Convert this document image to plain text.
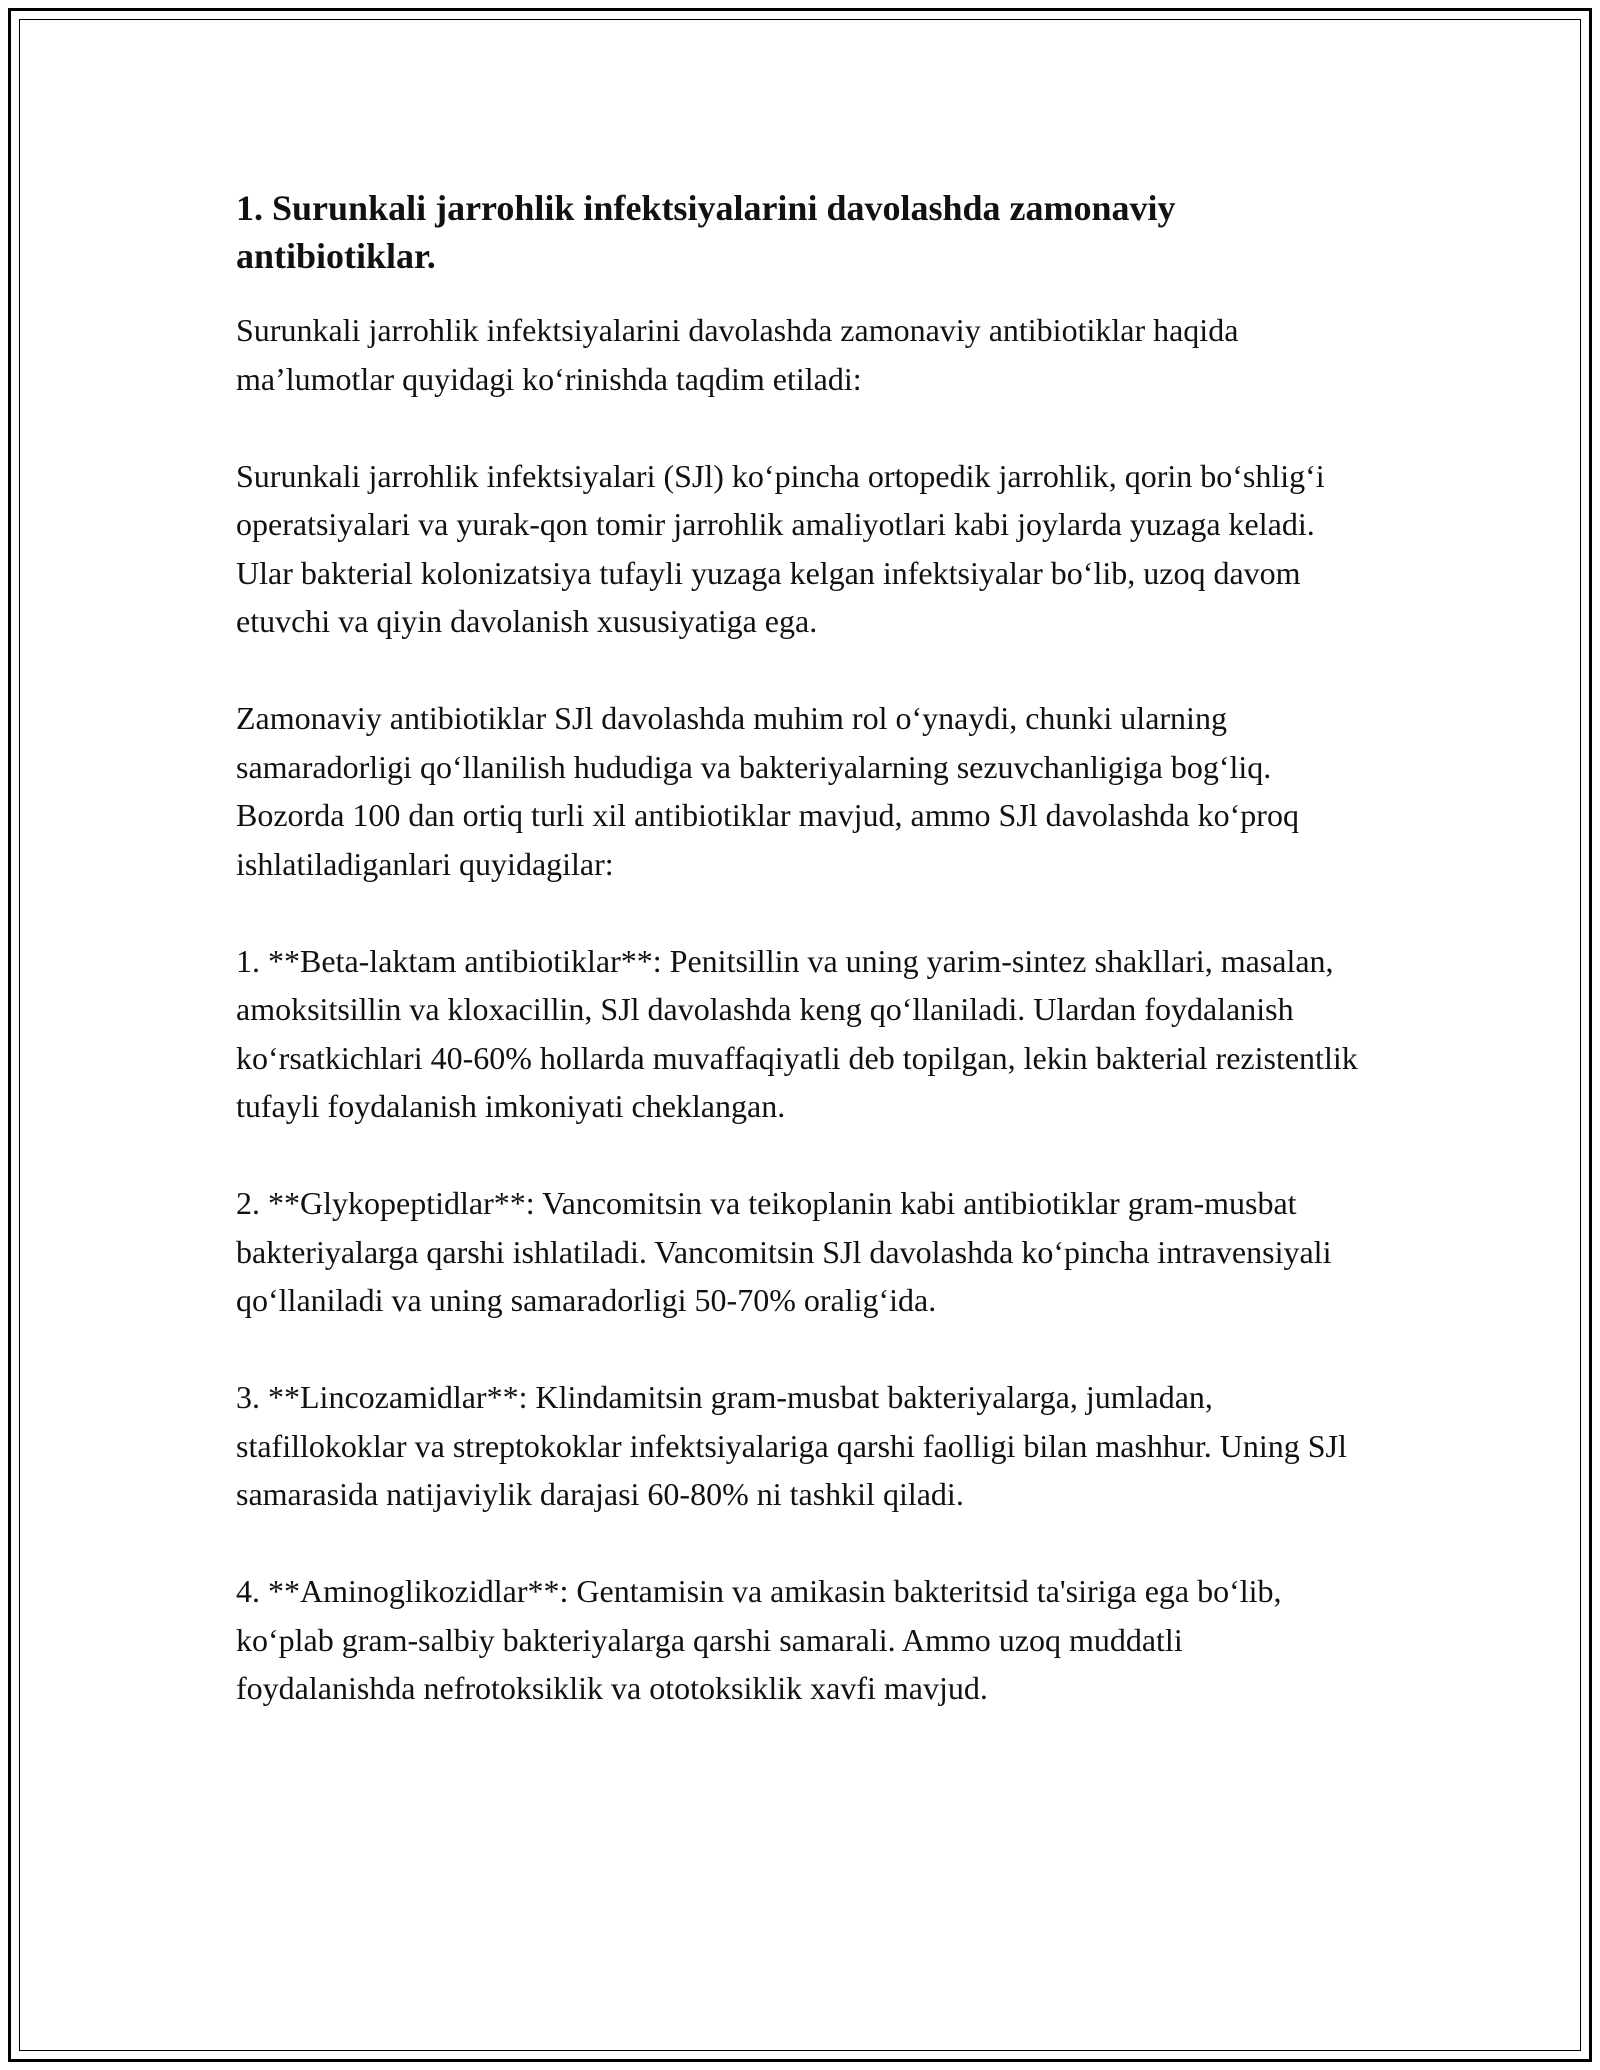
1. Surunkali jarrohlik infektsiyalarini davolashda zamonaviy antibiotiklar.

Surunkali jarrohlik infektsiyalarini davolashda zamonaviy antibiotiklar haqida ma’lumotlar quyidagi ko‘rinishda taqdim etiladi:

Surunkali jarrohlik infektsiyalari (SJl) ko‘pincha ortopedik jarrohlik, qorin bo‘shlig‘i operatsiyalari va yurak-qon tomir jarrohlik amaliyotlari kabi joylarda yuzaga keladi. Ular bakterial kolonizatsiya tufayli yuzaga kelgan infektsiyalar bo‘lib, uzoq davom etuvchi va qiyin davolanish xususiyatiga ega.

Zamonaviy antibiotiklar SJl davolashda muhim rol o‘ynaydi, chunki ularning samaradorligi qo‘llanilish hududiga va bakteriyalarning sezuvchanligiga bog‘liq. Bozorda 100 dan ortiq turli xil antibiotiklar mavjud, ammo SJl davolashda ko‘proq ishlatiladiganlari quyidagilar:

1. **Beta-laktam antibiotiklar**: Penitsillin va uning yarim-sintez shakllari, masalan, amoksitsillin va kloxacillin, SJl davolashda keng qo‘llaniladi. Ulardan foydalanish ko‘rsatkichlari 40-60% hollarda muvaffaqiyatli deb topilgan, lekin bakterial rezistentlik tufayli foydalanish imkoniyati cheklangan.

2. **Glykopeptidlar**: Vancomitsin va teikoplanin kabi antibiotiklar gram-musbat bakteriyalarga qarshi ishlatiladi. Vancomitsin SJl davolashda ko‘pincha intravensiyali qo‘llaniladi va uning samaradorligi 50-70% oralig‘ida.

3. **Lincozamidlar**: Klindamitsin gram-musbat bakteriyalarga, jumladan, stafillokoklar va streptokoklar infektsiyalariga qarshi faolligi bilan mashhur. Uning SJl samarasida natijaviylik darajasi 60-80% ni tashkil qiladi.

4. **Aminoglikozidlar**: Gentamisin va amikasin bakteritsid ta'siriga ega bo‘lib, ko‘plab gram-salbiy bakteriyalarga qarshi samarali. Ammo uzoq muddatli foydalanishda nefrotoksiklik va ototoksiklik xavfi mavjud.
